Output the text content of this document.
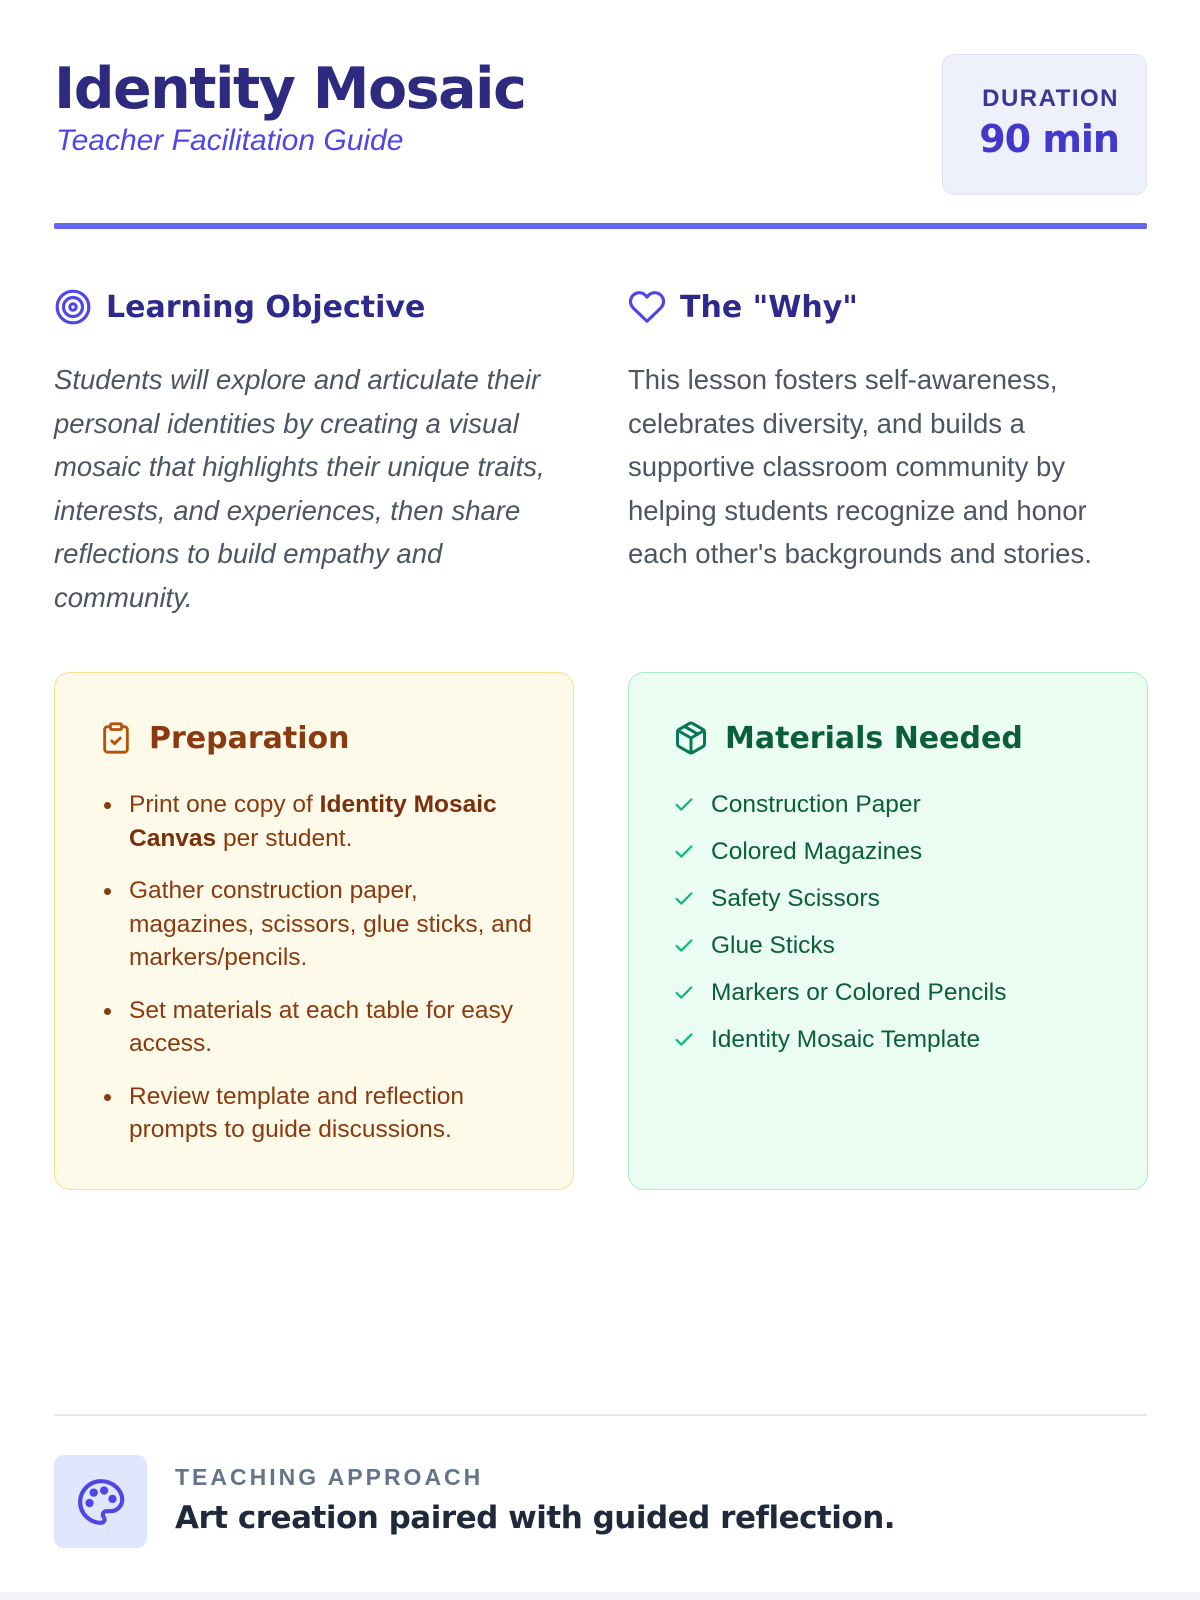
Identity Mosaic
Teacher Facilitation Guide
DURATION
90 min
Learning Objective	The "Why"

Students will explore and articulate their personal identities by creating a visual mosaic that highlights their unique traits, interests, and experiences, then share reflections to build empathy and community.

This lesson fosters self-awareness, celebrates diversity, and builds a supportive classroom community by helping students recognize and honor each other's backgrounds and stories.

Preparation
Print one copy of Identity Mosaic Canvas per student.
Gather construction paper, magazines, scissors, glue sticks, and markers/pencils.
Set materials at each table for easy access.
Review template and reflection prompts to guide discussions.
Materials Needed
Construction Paper
Colored Magazines
Safety Scissors
Glue Sticks
Markers or Colored Pencils
Identity Mosaic Template
TEACHING APPROACH
Art creation paired with guided reflection.
